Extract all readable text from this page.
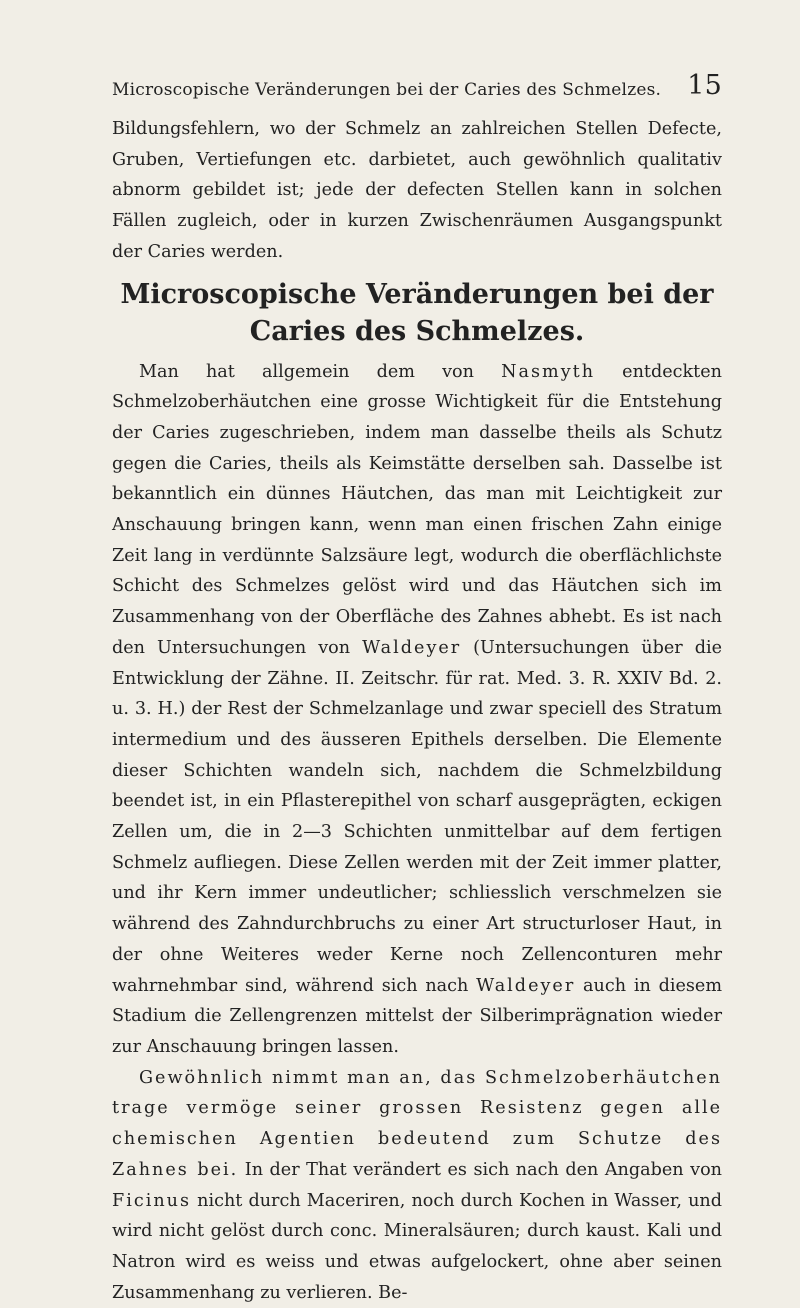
Microscopische Veränderungen bei der Caries des Schmelzes. 15

Bildungsfehlern, wo der Schmelz an zahlreichen Stellen Defecte, Gruben, Vertiefungen etc. darbietet, auch gewöhnlich qualitativ abnorm gebildet ist; jede der defecten Stellen kann in solchen Fällen zugleich, oder in kurzen Zwischenräumen Ausgangspunkt der Caries werden.

Microscopische Veränderungen bei der Caries des Schmelzes.

Man hat allgemein dem von Nasmyth entdeckten Schmelzoberhäutchen eine grosse Wichtigkeit für die Entstehung der Caries zugeschrieben, indem man dasselbe theils als Schutz gegen die Caries, theils als Keimstätte derselben sah. Dasselbe ist bekanntlich ein dünnes Häutchen, das man mit Leichtigkeit zur Anschauung bringen kann, wenn man einen frischen Zahn einige Zeit lang in verdünnte Salzsäure legt, wodurch die oberflächlichste Schicht des Schmelzes gelöst wird und das Häutchen sich im Zusammenhang von der Oberfläche des Zahnes abhebt. Es ist nach den Untersuchungen von Waldeyer (Untersuchungen über die Entwicklung der Zähne. II. Zeitschr. für rat. Med. 3. R. XXIV Bd. 2. u. 3. H.) der Rest der Schmelzanlage und zwar speciell des Stratum intermedium und des äusseren Epithels derselben. Die Elemente dieser Schichten wandeln sich, nachdem die Schmelzbildung beendet ist, in ein Pflasterepithel von scharf ausgeprägten, eckigen Zellen um, die in 2—3 Schichten unmittelbar auf dem fertigen Schmelz aufliegen. Diese Zellen werden mit der Zeit immer platter, und ihr Kern immer undeutlicher; schliesslich verschmelzen sie während des Zahndurchbruchs zu einer Art structurloser Haut, in der ohne Weiteres weder Kerne noch Zellenconturen mehr wahrnehmbar sind, während sich nach Waldeyer auch in diesem Stadium die Zellengrenzen mittelst der Silberimprägnation wieder zur Anschauung bringen lassen.

Gewöhnlich nimmt man an, das Schmelzoberhäutchen trage vermöge seiner grossen Resistenz gegen alle chemischen Agentien bedeutend zum Schutze des Zahnes bei. In der That verändert es sich nach den Angaben von Ficinus nicht durch Maceriren, noch durch Kochen in Wasser, und wird nicht gelöst durch conc. Mineralsäuren; durch kaust. Kali und Natron wird es weiss und etwas aufgelockert, ohne aber seinen Zusammenhang zu verlieren. Be-
